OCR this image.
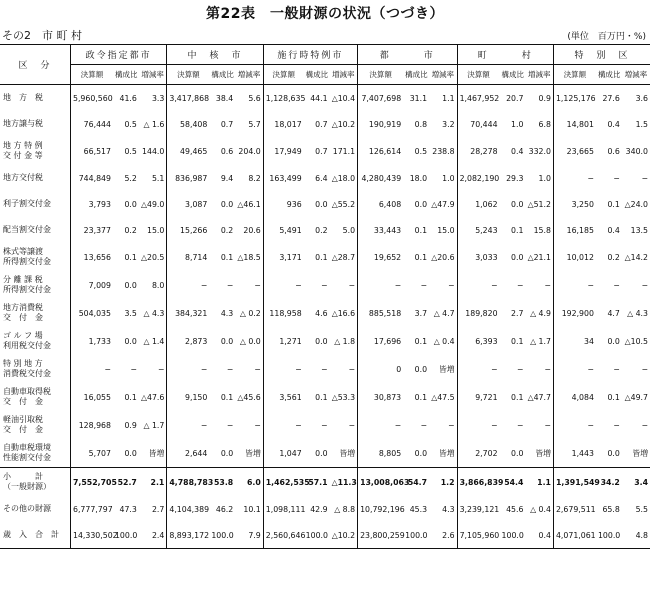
第22表　一般財源の状況（つづき）
その2　市 町 村	(単位　百万円・%)
区　分	政令指定都市			中　核　市			施行時特例市			都　　　市			町　　　村			特　別　区		
	決算額	構成比	増減率	決算額	構成比	増減率	決算額	構成比	増減率	決算額	構成比	増減率	決算額	構成比	増減率	決算額	構成比	増減率
地　方　税	5,960,560	41.6	3.3	3,417,868	38.4	5.6	1,128,635	44.1	△10.4	7,407,698	31.1	1.1	1,467,952	20.7	0.9	1,125,176	27.6	3.6
地方譲与税	76,444	0.5	△ 1.6	58,408	0.7	5.7	18,017	0.7	△10.2	190,919	0.8	3.2	70,444	1.0	6.8	14,801	0.4	1.5
地 方 特 例
交 付 金 等	66,517	0.5	144.0	49,465	0.6	204.0	17,949	0.7	171.1	126,614	0.5	238.8	28,278	0.4	332.0	23,665	0.6	340.0
地方交付税	744,849	5.2	5.1	836,987	9.4	8.2	163,499	6.4	△18.0	4,280,439	18.0	1.0	2,082,190	29.3	1.0	−	−	−
利子割交付金	3,793	0.0	△49.0	3,087	0.0	△46.1	936	0.0	△55.2	6,408	0.0	△47.9	1,062	0.0	△51.2	3,250	0.1	△24.0
配当割交付金	23,377	0.2	15.0	15,266	0.2	20.6	5,491	0.2	5.0	33,443	0.1	15.0	5,243	0.1	15.8	16,185	0.4	13.5
株式等譲渡
所得割交付金	13,656	0.1	△20.5	8,714	0.1	△18.5	3,171	0.1	△28.7	19,652	0.1	△20.6	3,033	0.0	△21.1	10,012	0.2	△14.2
分 離 課 税
所得割交付金	7,009	0.0	8.0	−	−	−	−	−	−	−	−	−	−	−	−	−	−	−
地方消費税
交　付　金	504,035	3.5	△ 4.3	384,321	4.3	△ 0.2	118,958	4.6	△16.6	885,518	3.7	△ 4.7	189,820	2.7	△ 4.9	192,900	4.7	△ 4.3
ゴ ル フ 場
利用税交付金	1,733	0.0	△ 1.4	2,873	0.0	△ 0.0	1,271	0.0	△ 1.8	17,696	0.1	△ 0.4	6,393	0.1	△ 1.7	34	0.0	△10.5
特 別 地 方
消費税交付金	−	−	−	−	−	−	−	−	−	0	0.0	皆増	−	−	−	−	−	−
自動車取得税
交　付　金	16,055	0.1	△47.6	9,150	0.1	△45.6	3,561	0.1	△53.3	30,873	0.1	△47.5	9,721	0.1	△47.7	4,084	0.1	△49.7
軽油引取税
交　付　金	128,968	0.9	△ 1.7	−	−	−	−	−	−	−	−	−	−	−	−	−	−	−
自動車税環境
性能割交付金	5,707	0.0	皆増	2,644	0.0	皆増	1,047	0.0	皆増	8,805	0.0	皆増	2,702	0.0	皆増	1,443	0.0	皆増
小　　　計
（一般財源）	7,552,705	52.7	2.1	4,788,783	53.8	6.0	1,462,535	57.1	△11.3	13,008,063	54.7	1.2	3,866,839	54.4	1.1	1,391,549	34.2	3.4
その他の財源	6,777,797	47.3	2.7	4,104,389	46.2	10.1	1,098,111	42.9	△ 8.8	10,792,196	45.3	4.3	3,239,121	45.6	△ 0.4	2,679,511	65.8	5.5
歳　入　合　計	14,330,502	100.0	2.4	8,893,172	100.0	7.9	2,560,646	100.0	△10.2	23,800,259	100.0	2.6	7,105,960	100.0	0.4	4,071,061	100.0	4.8
